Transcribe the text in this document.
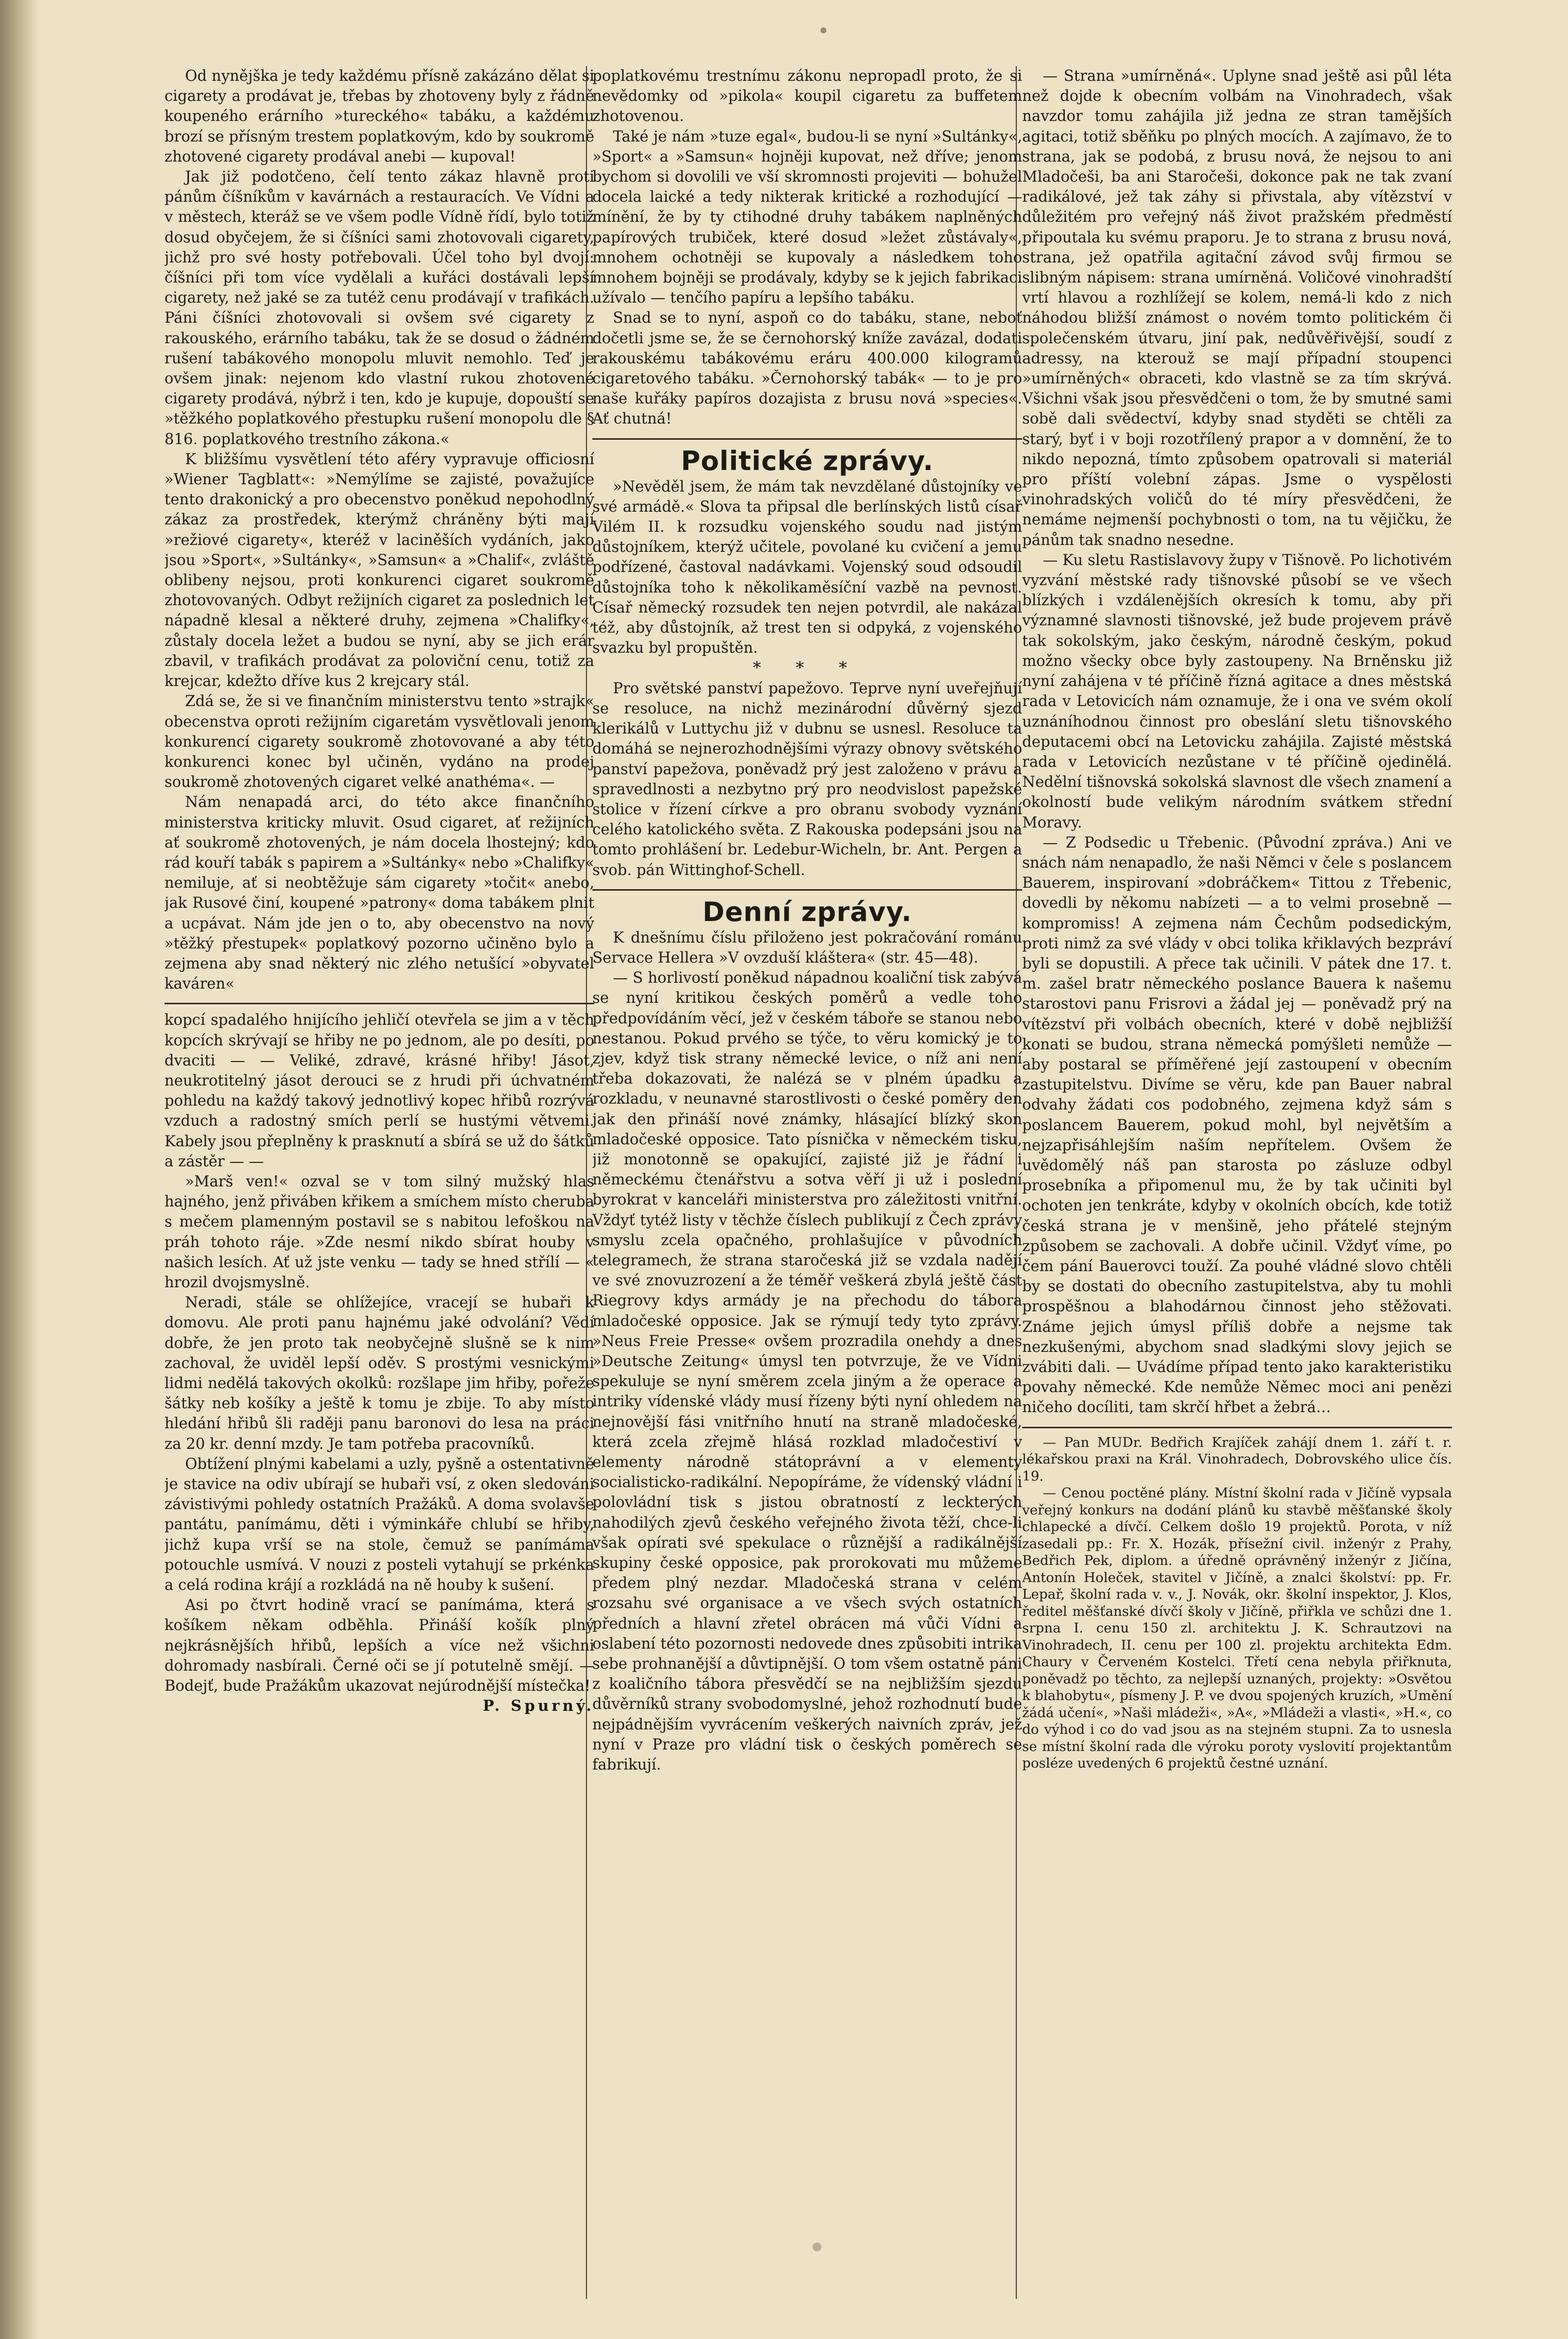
Od nynějška je tedy každému přísně zakázáno dělat si cigarety a prodávat je, třebas by zhotoveny byly z řádně koupeného erárního »tureckého« tabáku, a každému brozí se přísným trestem poplatkovým, kdo by soukromě zhotovené cigarety prodával anebi — kupoval!

Jak již podotčeno, čelí tento zákaz hlavně proti pánům číšníkům v kavárnách a restauracích. Ve Vídni a v městech, kteráž se ve všem podle Vídně řídí, bylo totiž dosud obyčejem, že si číšníci sami zhotovovali cigarety, jichž pro své hosty potřebovali. Účel toho byl dvojí: číšníci při tom více vydělali a kuřáci dostávali lepší cigarety, než jaké se za tutéž cenu prodávají v trafikách. Páni číšníci zhotovovali si ovšem své cigarety z rakouského, erárního tabáku, tak že se dosud o žádném rušení tabákového monopolu mluvit nemohlo. Teď je ovšem jinak: nejenom kdo vlastní rukou zhotovené cigarety prodává, nýbrž i ten, kdo je kupuje, dopouští se »těžkého poplatkového přestupku rušení monopolu dle § 816. poplatkového trestního zákona.«

K bližšímu vysvětlení této aféry vypravuje officiosní »Wiener Tagblatt«: »Nemýlíme se zajisté, považujíce tento drakonický a pro obecenstvo poněkud nepohodlný zákaz za prostředek, kterýmž chráněny býti mají »režiové cigarety«, kteréž v laciněších vydáních, jako jsou »Sport«, »Sultánky«, »Samsun« a »Chalif«, zvláště oblibeny nejsou, proti konkurenci cigaret soukromě zhotovovaných. Odbyt režijních cigaret za poslednich let nápadně klesal a některé druhy, zejmena »Chalifky«, zůstaly docela ležet a budou se nyní, aby se jich erár zbavil, v trafikách prodávat za poloviční cenu, totiž za krejcar, kdežto dříve kus 2 krejcary stál.

Zdá se, že si ve finančním ministerstvu tento »strajk« obecenstva oproti režijním cigaretám vysvětlovali jenom konkurencí cigarety soukromě zhotovované a aby této konkurenci konec byl učiněn, vydáno na prodej soukromě zhotovených cigaret velké anathéma«. —

Nám nenapadá arci, do této akce finančního ministerstva kriticky mluvit. Osud cigaret, ať režijních ať soukromě zhotovených, je nám docela lhostejný; kdo rád kouří tabák s papirem a »Sultánky« nebo »Chalifky« nemiluje, ať si neobtěžuje sám cigarety »točit« anebo, jak Rusové činí, koupené »patrony« doma tabákem plnit a ucpávat. Nám jde jen o to, aby obecenstvo na nový »těžký přestupek« poplatkový pozorno učiněno bylo a zejmena aby snad některý nic zlého netušící »obyvatel kaváren«

kopcí spadalého hnijícího jehličí otevřela se jim a v těch kopcích skrývají se hřiby ne po jednom, ale po desíti, po dvaciti — — Veliké, zdravé, krásné hřiby! Jásot, neukrotitelný jásot derouci se z hrudi při úchvatném pohledu na každý takový jednotlivý kopec hřibů rozrývá vzduch a radostný smích perlí se hustými větvemi. Kabely jsou přeplněny k prasknutí a sbírá se už do šátků a zástěr — —

»Marš ven!« ozval se v tom silný mužský hlas hajného, jenž přiváben křikem a smíchem místo cheruba s mečem plamenným postavil se s nabitou lefoškou na práh tohoto ráje. »Zde nesmí nikdo sbírat houby v našich lesích. Ať už jste venku — tady se hned střílí — « hrozil dvojsmyslně.

Neradi, stále se ohlížejíce, vracejí se hubaři k domovu. Ale proti panu hajnému jaké odvolání? Vědí dobře, že jen proto tak neobyčejně slušně se k nim zachoval, že uviděl lepší oděv. S prostými vesnickými lidmi nedělá takových okolků: rozšlape jim hřiby, pořeže šátky neb košíky a ještě k tomu je zbije. To aby místo hledání hřibů šli raději panu baronovi do lesa na práci za 20 kr. denní mzdy. Je tam potřeba pracovníků.

Obtížení plnými kabelami a uzly, pyšně a ostentativně je stavice na odiv ubírají se hubaři vsí, z oken sledováni závistivými pohledy ostatních Pražáků. A doma svolavše pantátu, panímámu, děti i výminkáře chlubí se hřiby, jichž kupa vrší se na stole, čemuž se panímáma potouchle usmívá. V nouzi z posteli vytahují se prkénka a celá rodina krájí a rozkládá na ně houby k sušení.

Asi po čtvrt hodině vrací se panímáma, která s košíkem někam odběhla. Přináší košík plný nejkrásnějších hřibů, lepších a více než všichni dohromady nasbírali. Černé oči se jí potutelně smějí. — Bodejť, bude Pražákům ukazovat nejúrodnější místečka!

P. Spurný.

poplatkovému trestnímu zákonu nepropadl proto, že si nevědomky od »pikola« koupil cigaretu za buffetem zhotovenou.

Také je nám »tuze egal«, budou-li se nyní »Sultánky«, »Sport« a »Samsun« hojněji kupovat, než dříve; jenom bychom si dovolili ve vší skromnosti projeviti — bohužel docela laické a tedy nikterak kritické a rozhodující — mínění, že by ty ctihodné druhy tabákem naplněných papírových trubiček, které dosud »ležet zůstávaly«, mnohem ochotněji se kupovaly a následkem toho mnohem bojněji se prodávaly, kdyby se k jejich fabrikaci užívalo — tenčího papíru a lepšího tabáku.

Snad se to nyní, aspoň co do tabáku, stane, neboť dočetli jsme se, že se černohorský kníže zavázal, dodati rakouskému tabákovému eráru 400.000 kilogramů cigaretového tabáku. »Černohorský tabák« — to je pro naše kuřáky papíros dozajista z brusu nová »species«. Ať chutná!

Politické zprávy.

»Nevěděl jsem, že mám tak nevzdělané důstojníky ve své armádě.« Slova ta připsal dle berlínských listů císař Vilém II. k rozsudku vojenského soudu nad jistým důstojníkem, kterýž učitele, povolané ku cvičení a jemu podřízené, častoval nadávkami. Vojenský soud odsoudil důstojníka toho k několikaměsíční vazbě na pevnost. Císař německý rozsudek ten nejen potvrdil, ale nakázal též, aby důstojník, až trest ten si odpyká, z vojenského svazku byl propuštěn.

* * *

Pro světské panství papežovo. Teprve nyní uveřejňují se resoluce, na nichž mezinárodní důvěrný sjezd klerikálů v Luttychu již v dubnu se usnesl. Resoluce ta domáhá se nejnerozhodnějšími výrazy obnovy světského panství papežova, poněvadž prý jest založeno v právu a spravedlnosti a nezbytno prý pro neodvislost papežské stolice v řízení církve a pro obranu svobody vyznání celého katolického světa. Z Rakouska podepsáni jsou na tomto prohlášení br. Ledebur-Wicheln, br. Ant. Pergen a svob. pán Wittinghof-Schell.

Denní zprávy.

K dnešnímu číslu přiloženo jest pokračování románu Servace Hellera »V ovzduší kláštera« (str. 45—48).

— S horlivostí poněkud nápadnou koaliční tisk zabývá se nyní kritikou českých poměrů a vedle toho předpovídáním věcí, jež v českém táboře se stanou nebo nestanou. Pokud prvého se týče, to věru komický je to zjev, když tisk strany německé levice, o níž ani není třeba dokazovati, že nalézá se v plném úpadku a rozkladu, v neunavné starostlivosti o české poměry den jak den přináší nové známky, hlásající blízký skon mladočeské opposice. Tato písnička v německém tisku, již monotonně se opakující, zajisté již je řádní i německému čtenářstvu a sotva věří ji už i poslední byrokrat v kanceláři ministerstva pro záležitosti vnitřní. Vždyť tytéž listy v těchže číslech publikují z Čech zprávy smyslu zcela opačného, prohlašujíce v původních telegramech, že strana staročeská již se vzdala nadějí ve své znovuzrození a že téměř veškerá zbylá ještě část Riegrovy kdys armády je na přechodu do tábora mladočeské opposice. Jak se rýmují tedy tyto zprávy. »Neus Freie Presse« ovšem prozradila onehdy a dnes »Deutsche Zeitung« úmysl ten potvrzuje, že ve Vídni spekuluje se nyní směrem zcela jiným a že operace a intriky vídenské vlády musí řízeny býti nyní ohledem na nejnovější fási vnitřního hnutí na straně mladočeské, která zcela zřejmě hlásá rozklad mladočestiví v elementy národně státoprávní a v elementy socialisticko-radikální. Nepopíráme, že vídenský vládní i polovládní tisk s jistou obratností z leckterých nahodilých zjevů českého veřejného života těží, chce-li však opírati své spekulace o různější a radikálnější skupiny české opposice, pak prorokovati mu můžeme předem plný nezdar. Mladočeská strana v celém rozsahu své organisace a ve všech svých ostatních předních a hlavní zřetel obrácen má vůči Vídni a oslabení této pozornosti nedovede dnes způsobiti intrika sebe prohnanější a důvtipnější. O tom všem ostatně páni z koaličního tábora přesvědčí se na nejbližším sjezdu důvěrníků strany svobodomyslné, jehož rozhodnutí bude nejpádnějším vyvrácením veškerých naivních zpráv, jež nyní v Praze pro vládní tisk o českých poměrech se fabrikují.

— Strana »umírněná«. Uplyne snad ještě asi půl léta než dojde k obecním volbám na Vinohradech, však navzdor tomu zahájila již jedna ze stran tamějších agitaci, totiž sběňku po plných mocích. A zajímavo, že to strana, jak se podobá, z brusu nová, že nejsou to ani Mladočeši, ba ani Staročeši, dokonce pak ne tak zvaní radikálové, jež tak záhy si přivstala, aby vítězství v důležitém pro veřejný náš život pražském předměstí připoutala ku svému praporu. Je to strana z brusu nová, strana, jež opatřila agitační závod svůj firmou se slibným nápisem: strana umírněná. Voličové vinohradští vrtí hlavou a rozhlížejí se kolem, nemá-li kdo z nich náhodou bližší známost o novém tomto politickém či společenském útvaru, jiní pak, nedůvěřivější, soudí z adressy, na kterouž se mají případní stoupenci »umírněných« obraceti, kdo vlastně se za tím skrývá. Všichni však jsou přesvědčeni o tom, že by smutné sami sobě dali svědectví, kdyby snad styděti se chtěli za starý, byť i v boji rozotřílený prapor a v domnění, že to nikdo nepozná, tímto způsobem opatrovali si materiál pro příští volební zápas. Jsme o vyspělosti vinohradských voličů do té míry přesvědčeni, že nemáme nejmenší pochybnosti o tom, na tu vějičku, že pánům tak snadno nesedne.

— Ku sletu Rastislavovy župy v Tišnově. Po lichotivém vyzvání městské rady tišnovské působí se ve všech blízkých i vzdálenějších okresích k tomu, aby při významné slavnosti tišnovské, jež bude projevem právě tak sokolským, jako českým, národně českým, pokud možno všecky obce byly zastoupeny. Na Brněnsku již nyní zahájena v té příčině řízná agitace a dnes městská rada v Letovicích nám oznamuje, že i ona ve svém okolí uznáníhodnou činnost pro obeslání sletu tišnovského deputacemi obcí na Letovicku zahájila. Zajisté městská rada v Letovicích nezůstane v té příčině ojedinělá. Nedělní tišnovská sokolská slavnost dle všech znamení a okolností bude velikým národním svátkem střední Moravy.

— Z Podsedic u Třebenic. (Původní zpráva.) Ani ve snách nám nenapadlo, že naši Němci v čele s poslancem Bauerem, inspirovaní »dobráčkem« Tittou z Třebenic, dovedli by někomu nabízeti — a to velmi prosebně — kompromiss! A zejmena nám Čechům podsedickým, proti nimž za své vlády v obci tolika křiklavých bezpráví byli se dopustili. A přece tak učinili. V pátek dne 17. t. m. zašel bratr německého poslance Bauera k našemu starostovi panu Frisrovi a žádal jej — poněvadž prý na vítězství při volbách obecních, které v době nejbližší konati se budou, strana německá pomýšleti nemůže — aby postaral se příměřené její zastoupení v obecním zastupitelstvu. Divíme se věru, kde pan Bauer nabral odvahy žádati cos podobného, zejmena když sám s poslancem Bauerem, pokud mohl, byl největším a nejzapřisáhlejším naším nepřítelem. Ovšem že uvědomělý náš pan starosta po zásluze odbyl prosebníka a připomenul mu, že by tak učiniti byl ochoten jen tenkráte, kdyby v okolních obcích, kde totiž česká strana je v menšině, jeho přátelé stejným způsobem se zachovali. A dobře učinil. Vždyť víme, po čem pání Bauerovci touží. Za pouhé vládné slovo chtěli by se dostati do obecního zastupitelstva, aby tu mohli prospěšnou a blahodárnou činnost jeho stěžovati. Známe jejich úmysl příliš dobře a nejsme tak nezkušenými, abychom snad sladkými slovy jejich se zvábiti dali. — Uvádíme případ tento jako karakteristiku povahy německé. Kde nemůže Němec moci ani penězi ničeho docíliti, tam skrčí hřbet a žebrá…

— Pan MUDr. Bedřich Krajíček zahájí dnem 1. září t. r. lékařskou praxi na Král. Vinohradech, Dobrovského ulice čís. 19.

— Cenou poctěné plány. Místní školní rada v Jičíně vypsala veřejný konkurs na dodání plánů ku stavbě měšťanské školy chlapecké a dívčí. Celkem došlo 19 projektů. Porota, v níž zasedali pp.: Fr. X. Hozák, přísežní civil. inženýr z Prahy, Bedřich Pek, diplom. a úředně oprávněný inženýr z Jičína, Antonín Holeček, stavitel v Jičíně, a znalci školství: pp. Fr. Lepař, školní rada v. v., J. Novák, okr. školní inspektor, J. Klos, ředitel měšťanské dívčí školy v Jičíně, přiřkla ve schůzi dne 1. srpna I. cenu 150 zl. architektu J. K. Schrautzovi na Vinohradech, II. cenu per 100 zl. projektu architekta Edm. Chaury v Červeném Kostelci. Třetí cena nebyla přiřknuta, poněvadž po těchto, za nejlepší uznaných, projekty: »Osvětou k blahobytu«, písmeny J. P. ve dvou spojených kruzích, »Umění žádá učení«, »Naši mládeži«, »A«, »Mládeži a vlasti«, »H.«, co do výhod i co do vad jsou as na stejném stupni. Za to usnesla se místní školní rada dle výroku poroty vyslovití projektantům posléze uvedených 6 projektů čestné uznání.
